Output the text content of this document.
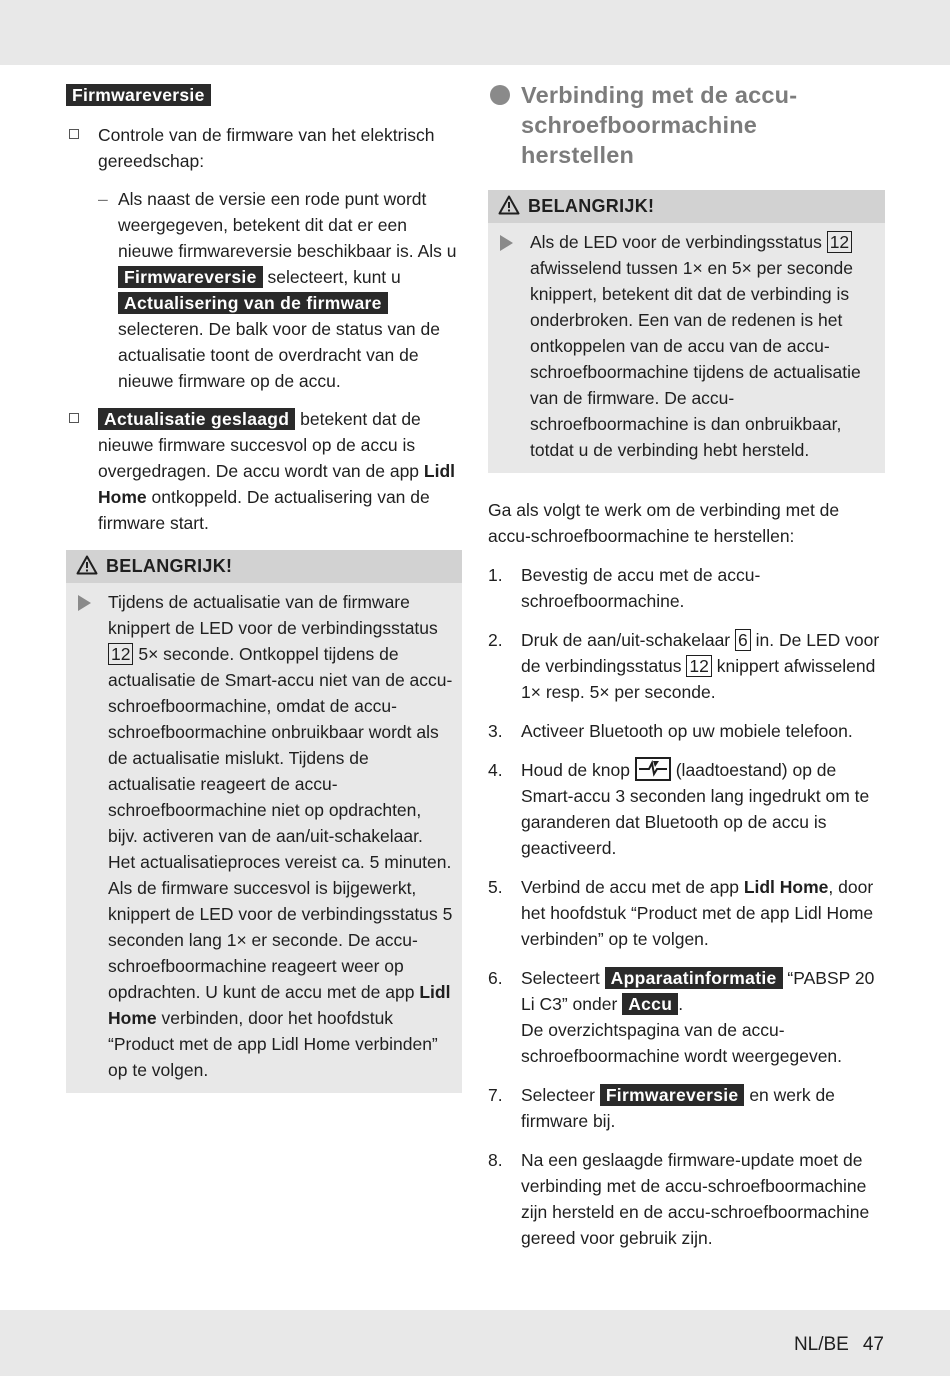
Firmwareversie
Controle van de firmware van het elektrisch gereedschap:
– Als naast de versie een rode punt wordt weergegeven, betekent dit dat er een nieuwe firmwareversie beschikbaar is. Als u Firmwareversie selecteert, kunt u Actualisering van de firmware selecteren. De balk voor de status van de actualisatie toont de overdracht van de nieuwe firmware op de accu.
Actualisatie geslaagd betekent dat de nieuwe firmware succesvol op de accu is overgedragen. De accu wordt van de app Lidl Home ontkoppeld. De actualisering van de firmware start.
BELANGRIJK!
Tijdens de actualisatie van de firmware knippert de LED voor de verbindingsstatus 12 5× seconde. Ontkoppel tijdens de actualisatie de Smart-accu niet van de accu-schroefboormachine, omdat de accu-schroefboormachine onbruikbaar wordt als de actualisatie mislukt. Tijdens de actualisatie reageert de accu-schroefboormachine niet op opdrachten, bijv. activeren van de aan/uit-schakelaar. Het actualisatieproces vereist ca. 5 minuten. Als de firmware succesvol is bijgewerkt, knippert de LED voor de verbindingsstatus 5 seconden lang 1× er seconde. De accu-schroefboormachine reageert weer op opdrachten. U kunt de accu met de app Lidl Home verbinden, door het hoofdstuk “Product met de app Lidl Home verbinden” op te volgen.
Verbinding met de accu-
schroefboormachine
herstellen
BELANGRIJK!
Als de LED voor de verbindingsstatus 12 afwisselend tussen 1× en 5× per seconde knippert, betekent dit dat de verbinding is onderbroken. Een van de redenen is het ontkoppelen van de accu van de accu-schroefboormachine tijdens de actualisatie van de firmware. De accu-schroefboormachine is dan onbruikbaar, totdat u de verbinding hebt hersteld.
Ga als volgt te werk om de verbinding met de accu-schroefboormachine te herstellen:
1. Bevestig de accu met de accu-schroefboormachine.
2. Druk de aan/uit-schakelaar 6 in. De LED voor de verbindingsstatus 12 knippert afwisselend 1× resp. 5× per seconde.
3. Activeer Bluetooth op uw mobiele telefoon.
4. Houd de knop	(laadtoestand) op de Smart-accu 3 seconden lang ingedrukt om te garanderen dat Bluetooth op de accu is geactiveerd.
5. Verbind de accu met de app Lidl Home, door het hoofdstuk “Product met de app Lidl Home verbinden” op te volgen.
6. Selecteert Apparaatinformatie “PABSP 20 Li C3” onder Accu .
De overzichtspagina van de accu-schroefboormachine wordt weergegeven.
7. Selecteer Firmwareversie en werk de firmware bij.
8. Na een geslaagde firmware-update moet de verbinding met de accu-schroefboormachine zijn hersteld en de accu-schroefboormachine gereed voor gebruik zijn.
NL/BE 47
